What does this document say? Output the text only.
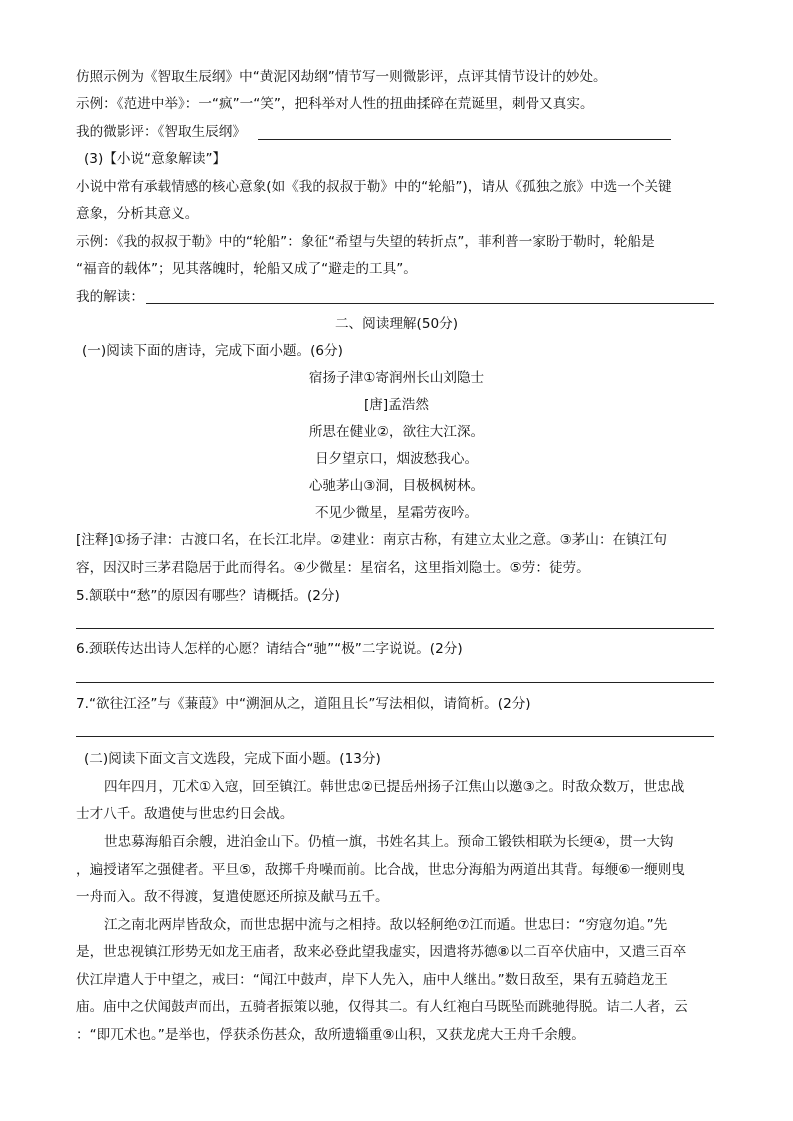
仿照示例为《智取生辰纲》中“黄泥冈劫纲”情节写一则微影评，点评其情节设计的妙处。
示例：《范进中举》：一“疯”一“笑”，把科举对人性的扭曲揉碎在荒诞里，刺骨又真实。
我的微影评：《智取生辰纲》
(3)【小说“意象解读”】
小说中常有承载情感的核心意象(如《我的叔叔于勒》中的“轮船”)，请从《孤独之旅》中选一个关键
意象，分析其意义。
示例：《我的叔叔于勒》中的“轮船”：象征“希望与失望的转折点”，菲利普一家盼于勒时，轮船是
“福音的载体”；见其落魄时，轮船又成了“避走的工具”。
我的解读：
二、阅读理解(50分)
(一)阅读下面的唐诗，完成下面小题。(6分)
宿扬子津①寄润州长山刘隐士
[唐]孟浩然
所思在健业②，欲往大江深。
日夕望京口，烟波愁我心。
心驰茅山③洞，目极枫树林。
不见少微星，星霜劳夜吟。
[注释]①扬子津：古渡口名，在长江北岸。②建业：南京古称，有建立太业之意。③茅山：在镇江句
容，因汉时三茅君隐居于此而得名。④少微星：星宿名，这里指刘隐士。⑤劳：徒劳。
5.颔联中“愁”的原因有哪些？请概括。(2分)
6.颈联传达出诗人怎样的心愿？请结合“驰”“极”二字说说。(2分)
7.“欲往江泾”与《蒹葭》中“溯洄从之，道阻且长”写法相似，请简析。(2分)
(二)阅读下面文言文选段，完成下面小题。(13分)
四年四月，兀术①入寇，回至镇江。韩世忠②已提岳州扬子江焦山以邀③之。时敌众数万，世忠战
士才八千。敌遣使与世忠约日会战。
世忠募海船百余艘，进泊金山下。仍植一旗，书姓名其上。预命工锻铁相联为长绠④，贯一大钩
，遍授诸军之强健者。平旦⑤，敌掷千舟噪而前。比合战，世忠分海船为两道出其背。每缏⑥一缏则曳
一舟而入。敌不得渡，复遣使愿还所掠及献马五千。
江之南北两岸皆敌众，而世忠据中流与之相持。敌以轻舸绝⑦江而遁。世忠曰：“穷寇勿追。”先
是，世忠视镇江形势无如龙王庙者，敌来必登此望我虚实，因遣将苏德⑧以二百卒伏庙中，又遣三百卒
伏江岸遣人于中望之，戒曰：“闻江中鼓声，岸下人先入，庙中人继出。”数日敌至，果有五骑趋龙王
庙。庙中之伏闻鼓声而出，五骑者振策以驰，仅得其二。有人红袍白马既坠而跳驰得脱。诘二人者，云
：“即兀术也。”是举也，俘获杀伤甚众，敌所遗辎重⑨山积，又获龙虎大王舟千余艘。
